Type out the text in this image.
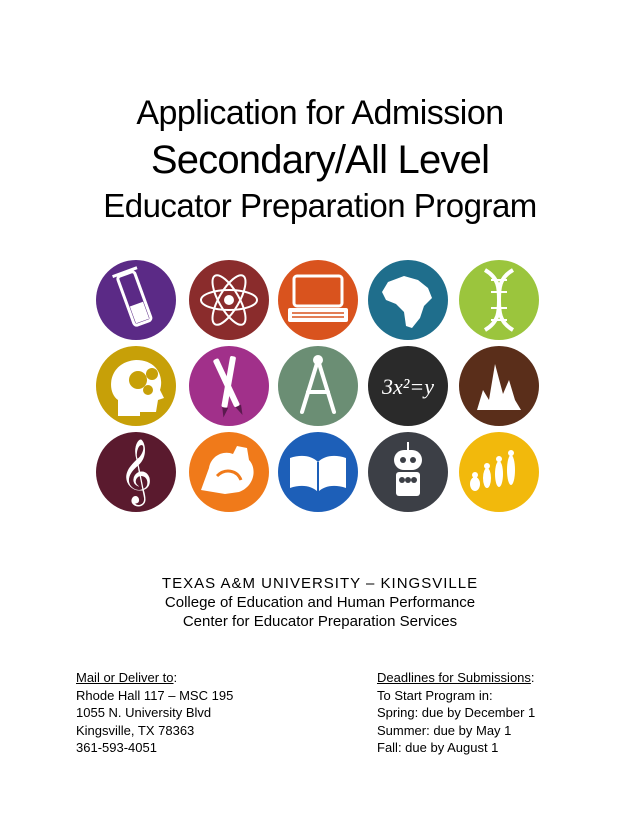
Application for Admission
Secondary/All Level
Educator Preparation Program
3x²=y
𝄞
TEXAS A&M UNIVERSITY – KINGSVILLE
College of Education and Human Performance
Center for Educator Preparation Services
Mail or Deliver to:
Rhode Hall 117 – MSC 195
1055 N. University Blvd
Kingsville, TX 78363
361-593-4051
Deadlines for Submissions:
To Start Program in:
Spring: due by December 1
Summer: due by May 1
Fall: due by August 1
